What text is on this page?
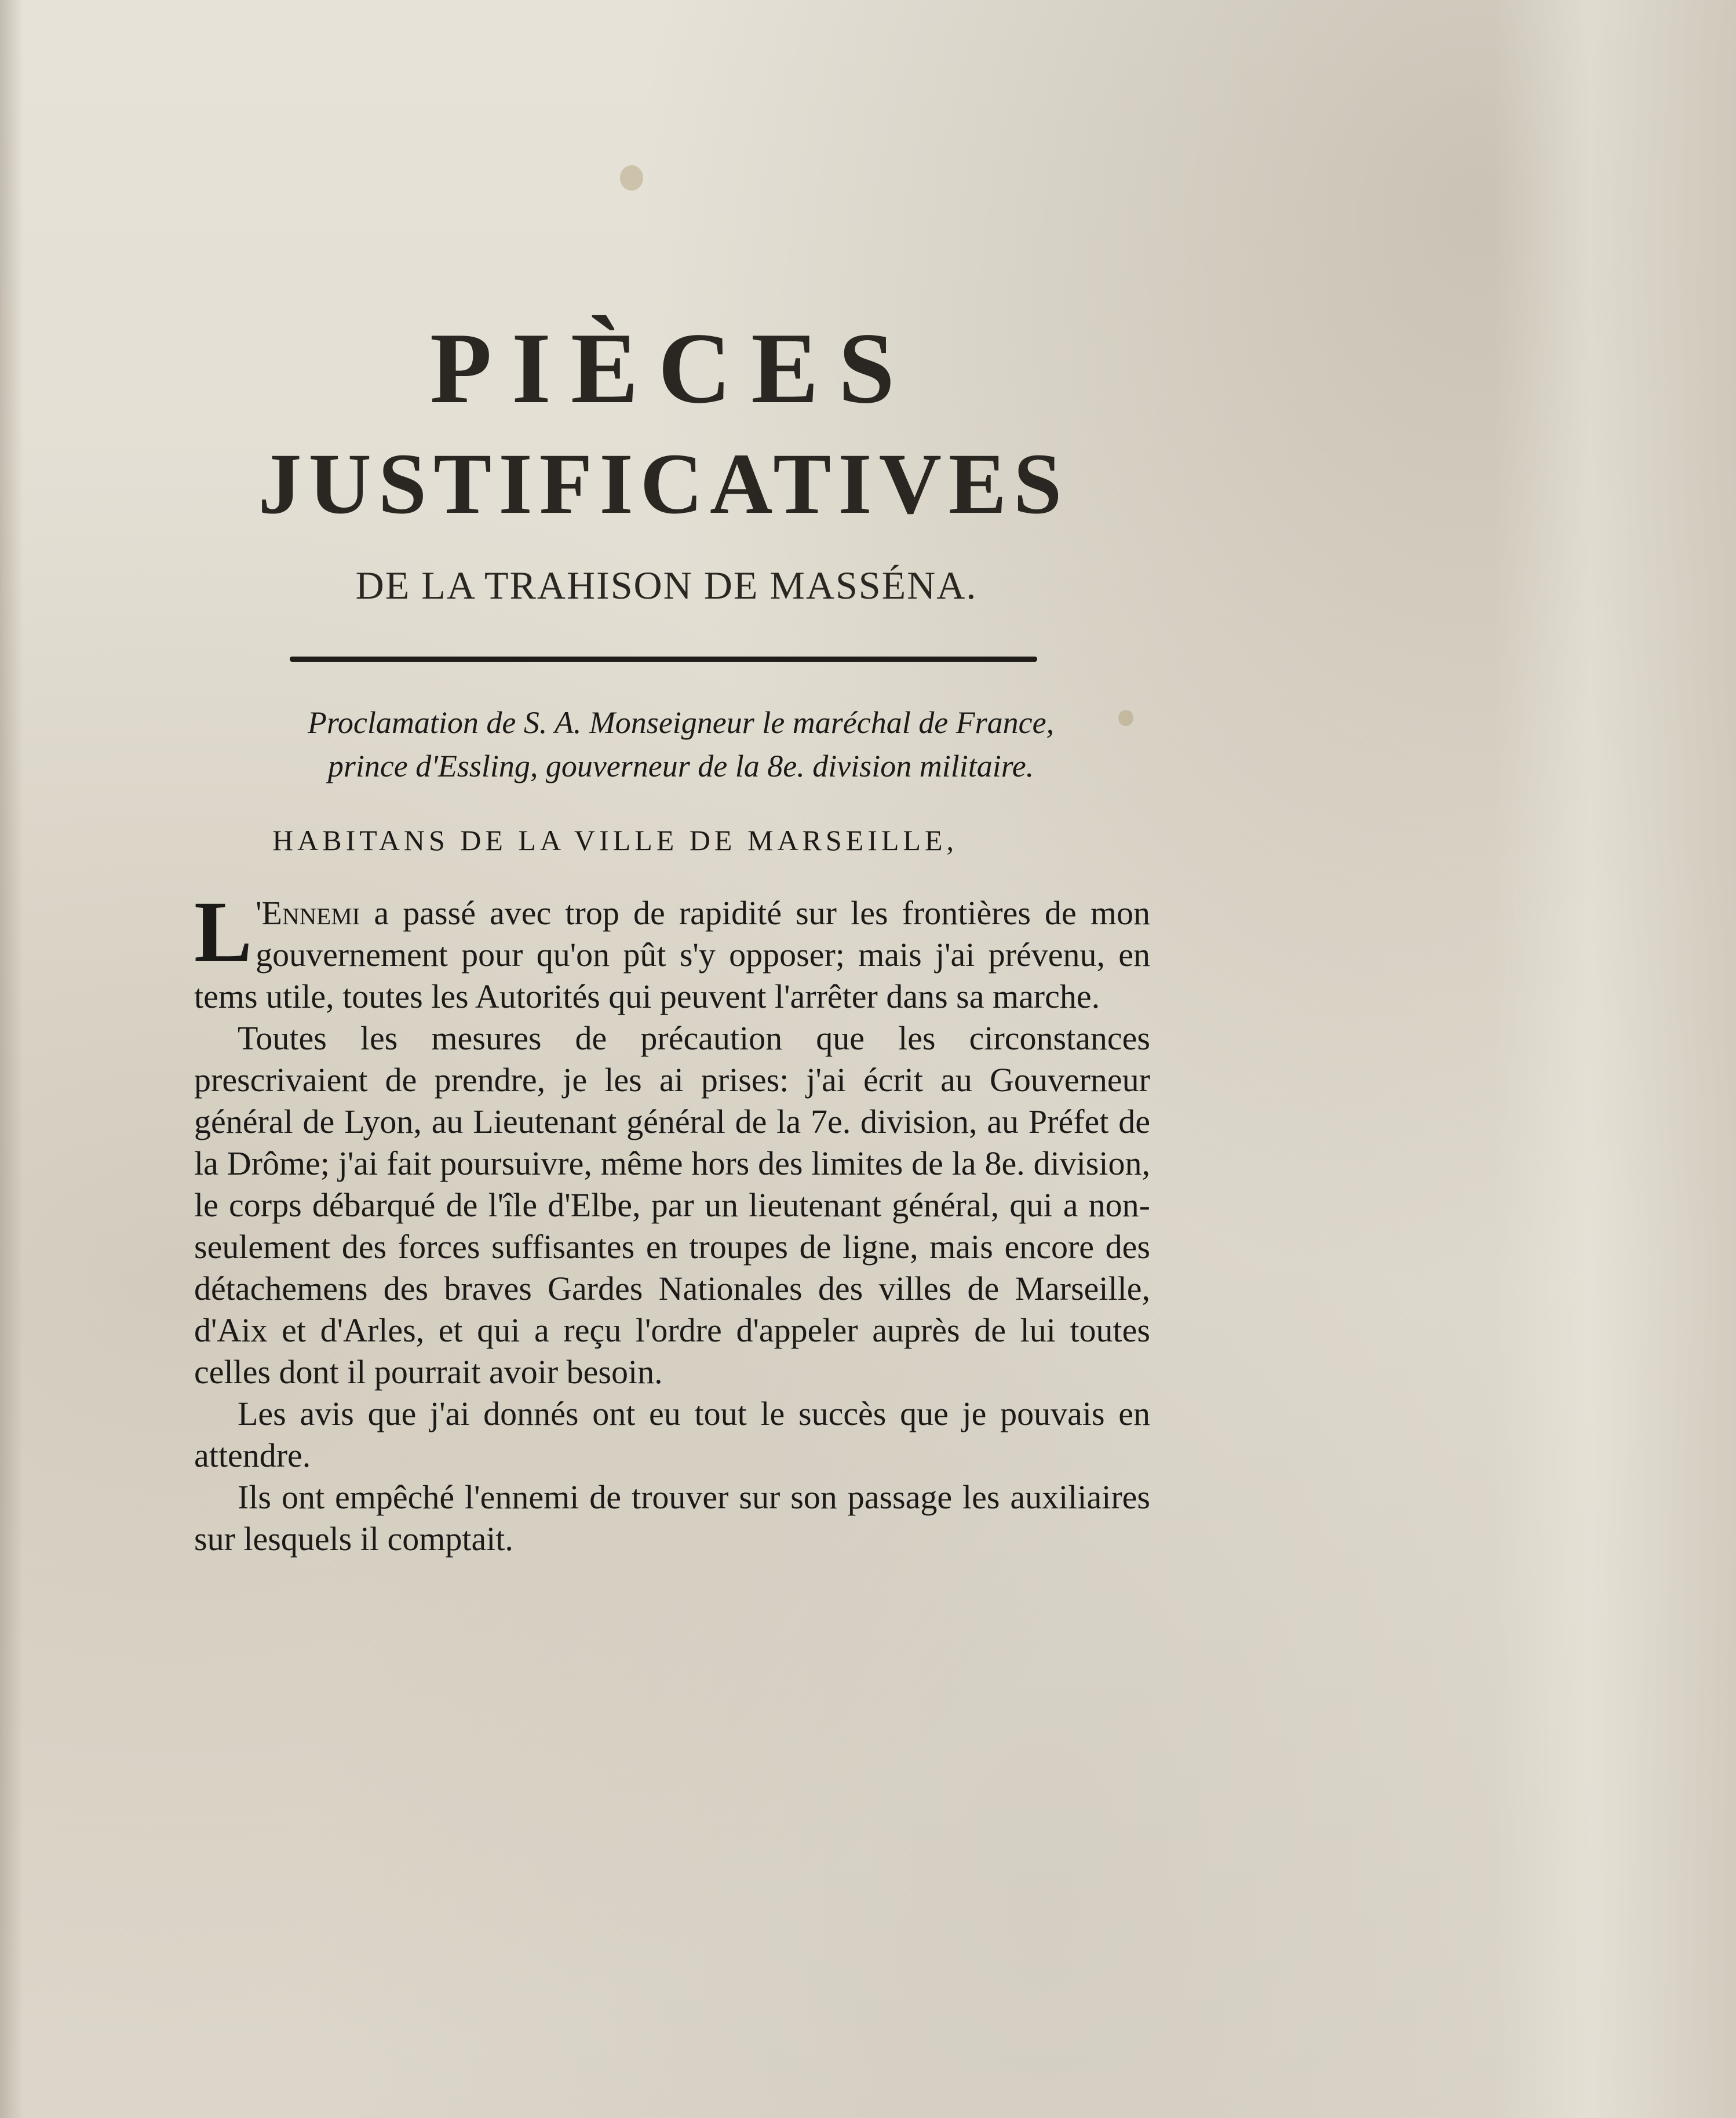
PIÈCES
JUSTIFICATIVES
DE LA TRAHISON DE MASSÉNA.
Proclamation de S. A. Monseigneur le maréchal de France,
prince d'Essling, gouverneur de la 8e. division militaire.
HABITANS DE LA VILLE DE MARSEILLE,

L 'Ennemi a passé avec trop de rapidité sur les frontières de mon gouvernement pour qu'on pût s'y opposer; mais j'ai prévenu, en tems utile, toutes les Autorités qui peuvent l'arrêter dans sa marche.

Toutes les mesures de précaution que les circonstances prescrivaient de prendre, je les ai prises: j'ai écrit au Gouverneur général de Lyon, au Lieutenant général de la 7e. division, au Préfet de la Drôme; j'ai fait poursuivre, même hors des limites de la 8e. division, le corps débarqué de l'île d'Elbe, par un lieutenant général, qui a non-seulement des forces suffisantes en troupes de ligne, mais encore des détachemens des braves Gardes Nationales des villes de Marseille, d'Aix et d'Arles, et qui a reçu l'ordre d'appeler auprès de lui toutes celles dont il pourrait avoir besoin.

Les avis que j'ai donnés ont eu tout le succès que je pouvais en attendre.

Ils ont empêché l'ennemi de trouver sur son passage les auxiliaires sur lesquels il comptait.
